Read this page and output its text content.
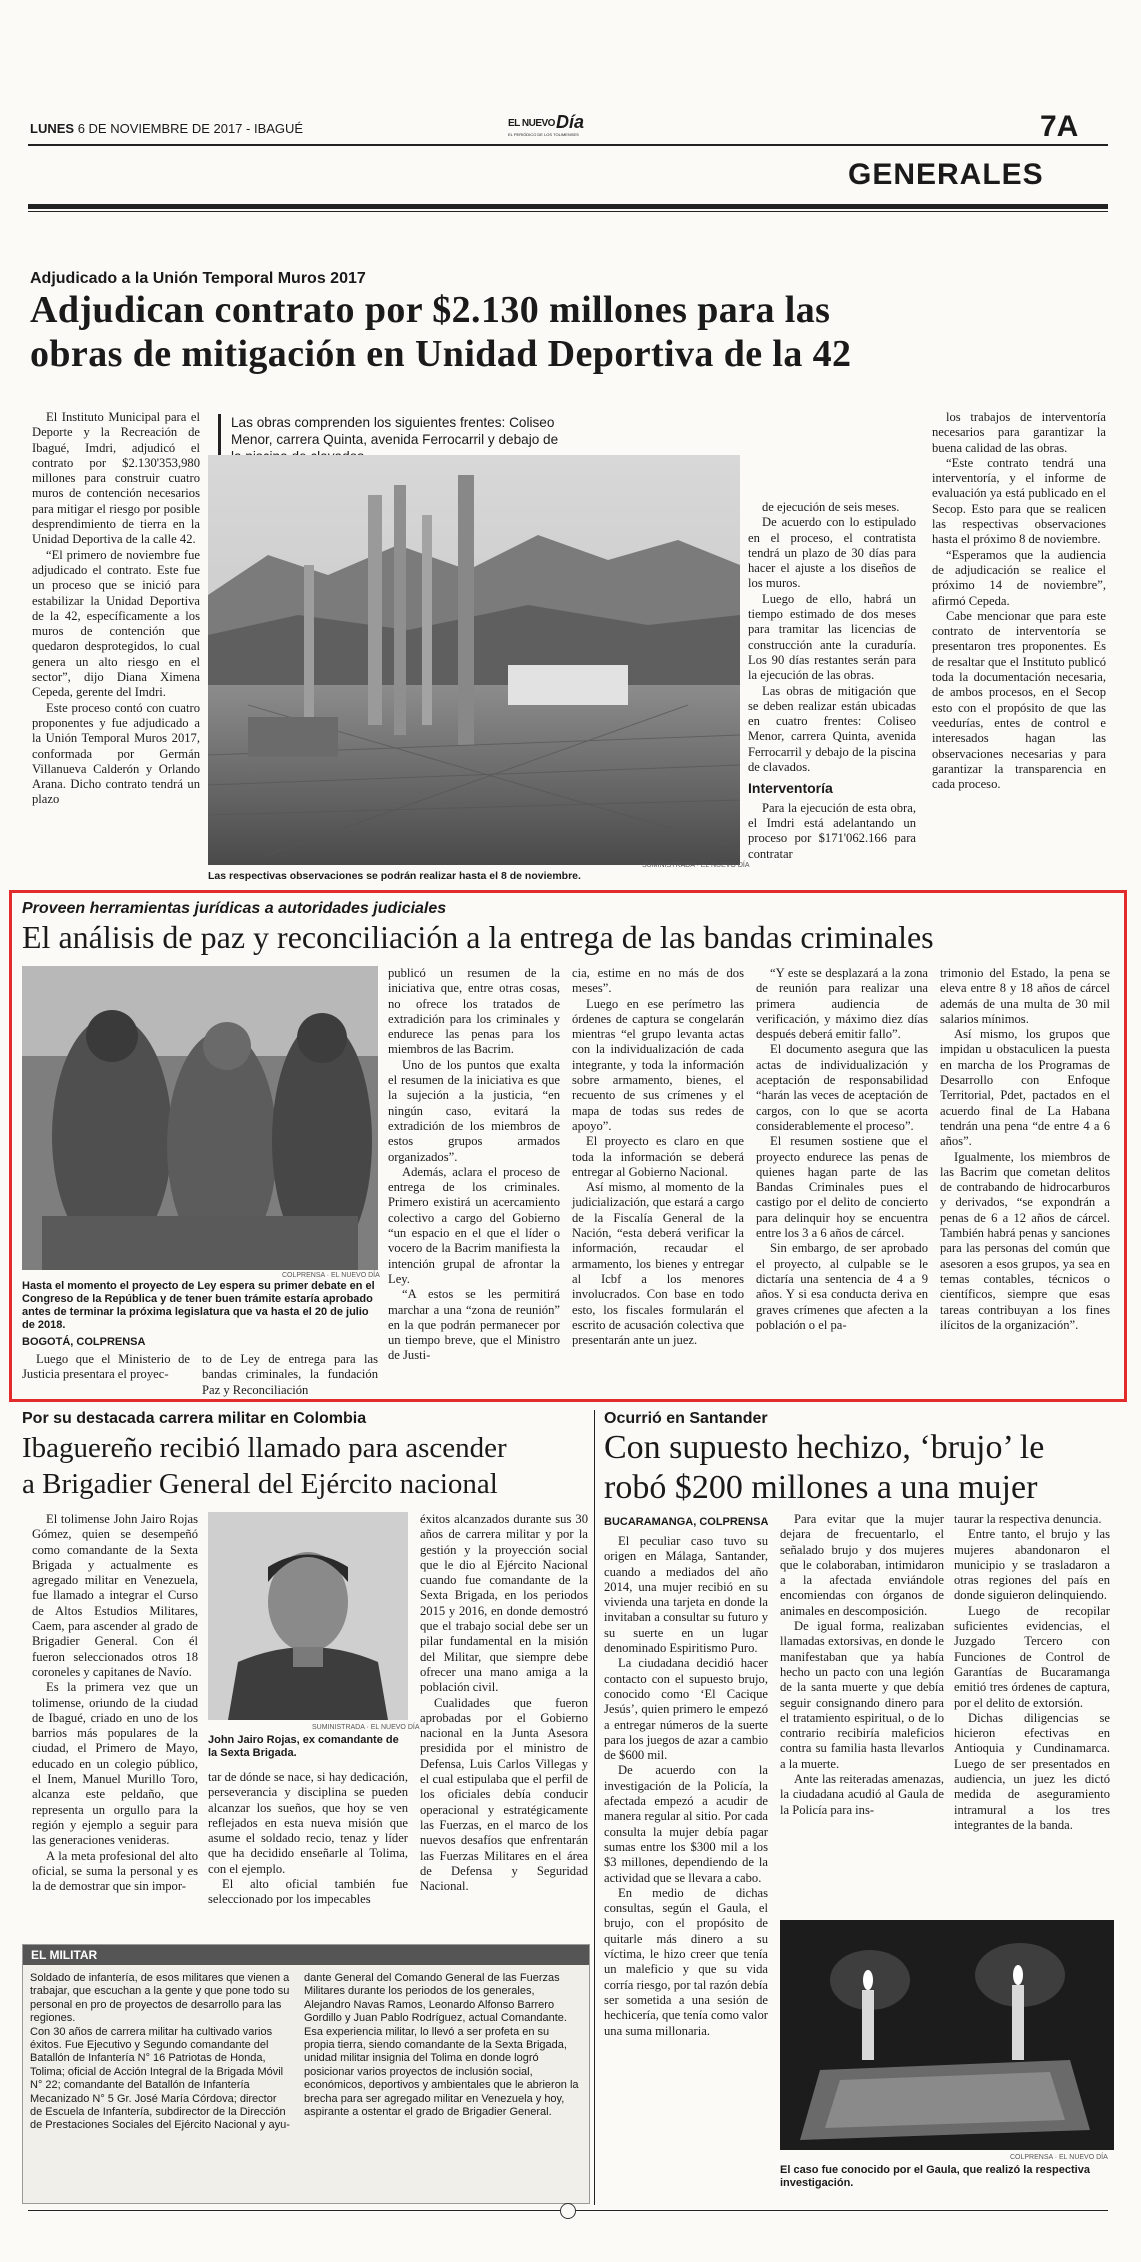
LUNES 6 DE NOVIEMBRE DE 2017 - IBAGUÉ	EL NUEVO Día
EL PERIÓDICO DE LOS TOLIMENSES	7A
GENERALES
Adjudicado a la Unión Temporal Muros 2017
Adjudican contrato por $2.130 millones para las
obras de mitigación en Unidad Deportiva de la 42

El Instituto Municipal para el Deporte y la Recreación de Ibagué, Imdri, adjudicó el contrato por $2.130'353,980 millones para construir cuatro muros de contención necesarios para mitigar el riesgo por posible desprendimiento de tierra en la Unidad Deportiva de la calle 42.

“El primero de noviembre fue adjudicado el contrato. Este fue un proceso que se inició para estabilizar la Unidad Deportiva de la 42, específicamente a los muros de contención que quedaron desprotegidos, lo cual genera un alto riesgo en el sector”, dijo Diana Ximena Cepeda, gerente del Imdri.

Este proceso contó con cuatro proponentes y fue adjudicado a la Unión Temporal Muros 2017, conformada por Germán Villanueva Calderón y Orlando Arana. Dicho contrato tendrá un plazo

Las obras comprenden los siguientes frentes: Coliseo Menor, carrera Quinta, avenida Ferrocarril y debajo de
Las respectivas observaciones se podrán realizar hasta el 8 de noviembre.
SUMINISTRADA · EL NUEVO DÍA

de ejecución de seis meses.

De acuerdo con lo estipulado en el proceso, el contratista tendrá un plazo de 30 días para hacer el ajuste a los diseños de los muros.

Luego de ello, habrá un tiempo estimado de dos meses para tramitar las licencias de construcción ante la curaduría. Los 90 días restantes serán para la ejecución de las obras.

Las obras de mitigación que se deben realizar están ubicadas en cuatro frentes: Coliseo Menor, carrera Quinta, avenida Ferrocarril y debajo de la piscina de clavados.

Interventoría

Para la ejecución de esta obra, el Imdri está adelantando un proceso por $171'062.166 para contratar

los trabajos de interventoría necesarios para garantizar la buena calidad de las obras.

“Este contrato tendrá una interventoría, y el informe de evaluación ya está publicado en el Secop. Esto para que se realicen las respectivas observaciones hasta el próximo 8 de noviembre.

“Esperamos que la audiencia de adjudicación se realice el próximo 14 de noviembre”, afirmó Cepeda.

Cabe mencionar que para este contrato de interventoría se presentaron tres proponentes. Es de resaltar que el Instituto publicó toda la documentación necesaria, de ambos procesos, en el Secop esto con el propósito de que las veedurías, entes de control e interesados hagan las observaciones necesarias y para garantizar la transparencia en cada proceso.

Proveen herramientas jurídicas a autoridades judiciales
El análisis de paz y reconciliación a la entrega de las bandas criminales
COLPRENSA · EL NUEVO DÍA
Hasta el momento el proyecto de Ley espera su primer debate en el Congreso de la República y de tener buen trámite estaría aprobado antes de terminar la próxima legislatura que va hasta el 20 de julio de 2018.
BOGOTÁ, COLPRENSA

Luego que el Ministerio de Justicia presentara el proyec-

to de Ley de entrega para las bandas criminales, la fundación Paz y Reconciliación

publicó un resumen de la iniciativa que, entre otras cosas, no ofrece los tratados de extradición para los criminales y endurece las penas para los miembros de las Bacrim.

Uno de los puntos que exalta el resumen de la iniciativa es que la sujeción a la justicia, “en ningún caso, evitará la extradición de los miembros de estos grupos armados organizados”.

Además, aclara el proceso de entrega de los criminales. Primero existirá un acercamiento colectivo a cargo del Gobierno “un espacio en el que el líder o vocero de la Bacrim manifiesta la intención grupal de afrontar la Ley.

“A estos se les permitirá marchar a una “zona de reunión” en la que podrán permanecer por un tiempo breve, que el Ministro de Justi-

cia, estime en no más de dos meses”.

Luego en ese perímetro las órdenes de captura se congelarán mientras “el grupo levanta actas con la individualización de cada integrante, y toda la información sobre armamento, bienes, el recuento de sus crímenes y el mapa de todas sus redes de apoyo”.

El proyecto es claro en que toda la información se deberá entregar al Gobierno Nacional.

Así mismo, al momento de la judicialización, que estará a cargo de la Fiscalía General de la Nación, “esta deberá verificar la información, recaudar el armamento, los bienes y entregar al Icbf a los menores involucrados. Con base en todo esto, los fiscales formularán el escrito de acusación colectiva que presentarán ante un juez.

“Y este se desplazará a la zona de reunión para realizar una primera audiencia de verificación, y máximo diez días después deberá emitir fallo”.

El documento asegura que las actas de individualización y aceptación de responsabilidad “harán las veces de aceptación de cargos, con lo que se acorta considerablemente el proceso”.

El resumen sostiene que el proyecto endurece las penas de quienes hagan parte de las Bandas Criminales pues el castigo por el delito de concierto para delinquir hoy se encuentra entre los 3 a 6 años de cárcel.

Sin embargo, de ser aprobado el proyecto, al culpable se le dictaría una sentencia de 4 a 9 años. Y si esa conducta deriva en graves crímenes que afecten a la población o el pa-

trimonio del Estado, la pena se eleva entre 8 y 18 años de cárcel además de una multa de 30 mil salarios mínimos.

Así mismo, los grupos que impidan u obstaculicen la puesta en marcha de los Programas de Desarrollo con Enfoque Territorial, Pdet, pactados en el acuerdo final de La Habana tendrán una pena “de entre 4 a 6 años”.

Igualmente, los miembros de las Bacrim que cometan delitos de contrabando de hidrocarburos y derivados, “se expondrán a penas de 6 a 12 años de cárcel. También habrá penas y sanciones para las personas del común que asesoren a esos grupos, ya sea en temas contables, técnicos o científicos, siempre que esas tareas contribuyan a los fines ilícitos de la organización”.

Por su destacada carrera militar en Colombia
Ibaguereño recibió llamado para ascender
a Brigadier General del Ejército nacional

El tolimense John Jairo Rojas Gómez, quien se desempeñó como comandante de la Sexta Brigada y actualmente es agregado militar en Venezuela, fue llamado a integrar el Curso de Altos Estudios Militares, Caem, para ascender al grado de Brigadier General. Con él fueron seleccionados otros 18 coroneles y capitanes de Navío.

Es la primera vez que un tolimense, oriundo de la ciudad de Ibagué, criado en uno de los barrios más populares de la ciudad, el Primero de Mayo, educado en un colegio público, el Inem, Manuel Murillo Toro, alcanza este peldaño, que representa un orgullo para la región y ejemplo a seguir para las generaciones venideras.

A la meta profesional del alto oficial, se suma la personal y es la de demostrar que sin impor-

SUMINISTRADA · EL NUEVO DÍA
John Jairo Rojas, ex comandante de la Sexta Brigada.

tar de dónde se nace, si hay dedicación, perseverancia y disciplina se pueden alcanzar los sueños, que hoy se ven reflejados en esta nueva misión que asume el soldado recio, tenaz y líder que ha decidido enseñarle al Tolima, con el ejemplo.

El alto oficial también fue seleccionado por los impecables

éxitos alcanzados durante sus 30 años de carrera militar y por la gestión y la proyección social que le dio al Ejército Nacional cuando fue comandante de la Sexta Brigada, en los periodos 2015 y 2016, en donde demostró que el trabajo social debe ser un pilar fundamental en la misión del Militar, que siempre debe ofrecer una mano amiga a la población civil.

Cualidades que fueron aprobadas por el Gobierno nacional en la Junta Asesora presidida por el ministro de Defensa, Luis Carlos Villegas y el cual estipulaba que el perfil de los oficiales debía conducir operacional y estratégicamente las Fuerzas, en el marco de los nuevos desafíos que enfrentarán las Fuerzas Militares en el área de Defensa y Seguridad Nacional.

EL MILITAR

Soldado de infantería, de esos militares que vienen a trabajar, que escuchan a la gente y que pone todo su personal en pro de proyectos de desarrollo para las regiones.

Con 30 años de carrera militar ha cultivado varios éxitos. Fue Ejecutivo y Segundo comandante del Batallón de Infantería N° 16 Patriotas de Honda, Tolima; oficial de Acción Integral de la Brigada Móvil N° 22; comandante del Batallón de Infantería Mecanizado N° 5 Gr. José María Córdova; director de Escuela de Infantería, subdirector de la Dirección de Prestaciones Sociales del Ejército Nacional y ayu-

dante General del Comando General de las Fuerzas Militares durante los periodos de los generales, Alejandro Navas Ramos, Leonardo Alfonso Barrero Gordillo y Juan Pablo Rodríguez, actual Comandante. Esa experiencia militar, lo llevó a ser profeta en su propia tierra, siendo comandante de la Sexta Brigada, unidad militar insignia del Tolima en donde logró posicionar varios proyectos de inclusión social, económicos, deportivos y ambientales que le abrieron la brecha para ser agregado militar en Venezuela y hoy, aspirante a ostentar el grado de Brigadier General.

Ocurrió en Santander
Con supuesto hechizo, ‘brujo’ le
robó $200 millones a una mujer
BUCARAMANGA, COLPRENSA

El peculiar caso tuvo su origen en Málaga, Santander, cuando a mediados del año 2014, una mujer recibió en su vivienda una tarjeta en donde la invitaban a consultar su futuro y su suerte en un lugar denominado Espiritismo Puro.

La ciudadana decidió hacer contacto con el supuesto brujo, conocido como ‘El Cacique Jesús’, quien primero le empezó a entregar números de la suerte para los juegos de azar a cambio de $600 mil.

De acuerdo con la investigación de la Policía, la afectada empezó a acudir de manera regular al sitio. Por cada consulta la mujer debía pagar sumas entre los $300 mil a los $3 millones, dependiendo de la actividad que se llevara a cabo.

En medio de dichas consultas, según el Gaula, el brujo, con el propósito de quitarle más dinero a su víctima, le hizo creer que tenía un maleficio y que su vida corría riesgo, por tal razón debía ser sometida a una sesión de hechicería, que tenía como valor una suma millonaria.

Para evitar que la mujer dejara de frecuentarlo, el señalado brujo y dos mujeres que le colaboraban, intimidaron a la afectada enviándole encomiendas con órganos de animales en descomposición.

De igual forma, realizaban llamadas extorsivas, en donde le manifestaban que ya había hecho un pacto con una legión de la santa muerte y que debía seguir consignando dinero para el tratamiento espiritual, o de lo contrario recibiría maleficios contra su familia hasta llevarlos a la muerte.

Ante las reiteradas amenazas, la ciudadana acudió al Gaula de la Policía para ins-

taurar la respectiva denuncia.

Entre tanto, el brujo y las mujeres abandonaron el municipio y se trasladaron a otras regiones del país en donde siguieron delinquiendo.

Luego de recopilar suficientes evidencias, el Juzgado Tercero con Funciones de Control de Garantías de Bucaramanga emitió tres órdenes de captura, por el delito de extorsión.

Dichas diligencias se hicieron efectivas en Antioquia y Cundinamarca. Luego de ser presentados en audiencia, un juez les dictó medida de aseguramiento intramural a los tres integrantes de la banda.

COLPRENSA · EL NUEVO DÍA
El caso fue conocido por el Gaula, que realizó la respectiva investigación.
